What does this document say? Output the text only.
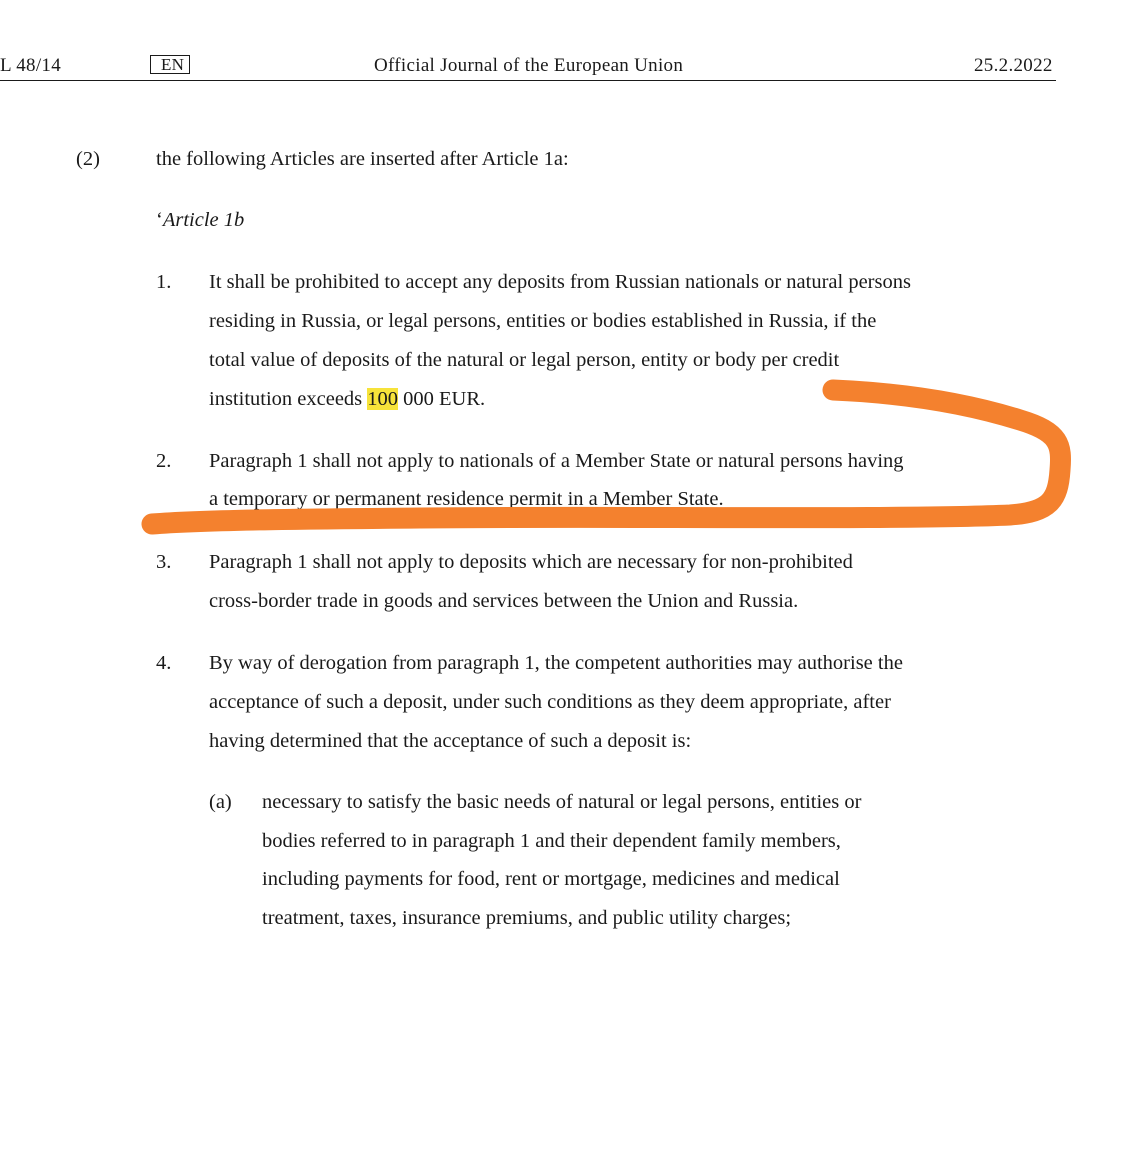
L 48/14	EN	Official Journal of the European Union	25.2.2022
(2)	the following Articles are inserted after Article 1a:
‘Article 1b
1. It shall be prohibited to accept any deposits from Russian nationals or natural persons
residing in Russia, or legal persons, entities or bodies established in Russia, if the
total value of deposits of the natural or legal person, entity or body per credit
institution exceeds 100 000 EUR.
2. Paragraph 1 shall not apply to nationals of a Member State or natural persons having
a temporary or permanent residence permit in a Member State.
3. Paragraph 1 shall not apply to deposits which are necessary for non-prohibited
cross-border trade in goods and services between the Union and Russia.
4. By way of derogation from paragraph 1, the competent authorities may authorise the
acceptance of such a deposit, under such conditions as they deem appropriate, after
having determined that the acceptance of such a deposit is:
(a) necessary to satisfy the basic needs of natural or legal persons, entities or
bodies referred to in paragraph 1 and their dependent family members,
including payments for food, rent or mortgage, medicines and medical
treatment, taxes, insurance premiums, and public utility charges;
